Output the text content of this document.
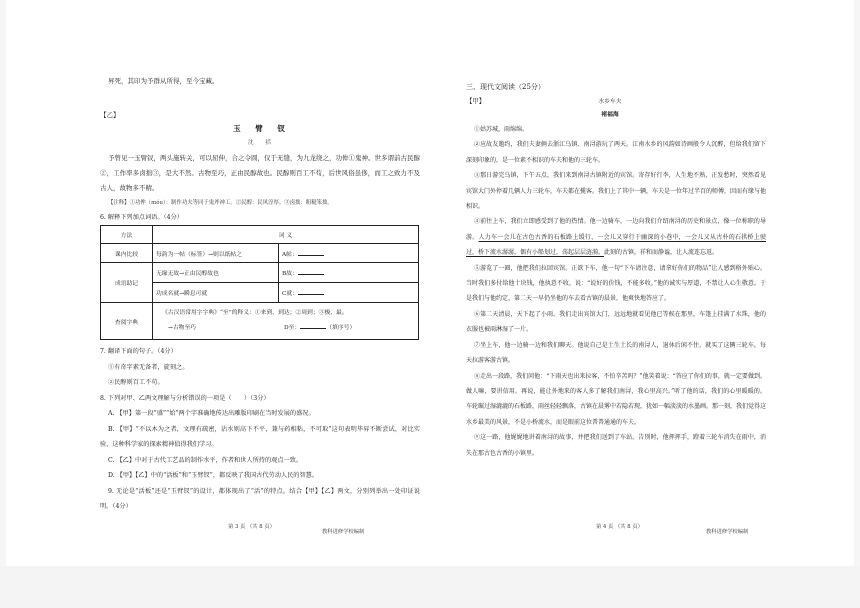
昇死，其印为予群从所得，至今宝藏。
【乙】
玉 臂 钗
沈 括
予曾见一玉臂钗，两头施转关，可以屈伸，合之令圆，仅于无缝，为九龙绕之，功侔①鬼神。世多谓前古民醇②，工作率多卤拙③，是大不然。古物至巧，正由民醇故也。民醇则百工不苟，后世风俗虽侈，而工之致力不及古人，故物多不精。
【注释】①功侔（móu）：制作功夫等同于鬼斧神工。②民醇：民风淳厚。③卤拙：粗糙笨拙。
6. 解释下列加点词语。（4分）
方法	词 义	
课内比较	每韵为一帖（标签）→则以纸帖之	A帖：
成语助记	无缘无故→正由民醇故也	B故：
	功成名就→瞬息可就	C就：
查阅字典	《古汉语常用字字典》“至”的释义：①来到，到达；②周到；③极，最。
→古物至巧 D至： （填序号）	

7. 翻译下面的句子。（4分）

①有奇字素无备者，旋刻之。

②民醇则百工不苟。

8. 下列对甲、乙两文理解与分析错误的一项是（　　）（3分）

A. 【甲】第一段“盛”“始”两个字准确地传达出雕版印刷在当时发展的盛况。

B. 【甲】“不以木为之者，文理有疏密，沾水则高下不平，兼与药相粘，不可取”这句表明毕昇不断尝试，对比实验，这种科学家的探索精神值得我们学习。

C. 【乙】中对于古代工艺品的制作水平，作者和世人所持的观点一致。

D. 【甲】【乙】中的“活板”和“玉臂钗”，都反映了我国古代劳动人民的智慧。

9. 无论是“活板”还是“玉臂钗”的设计，都体现出了“活”的特点。结合【甲】【乙】两文，分别列举出一处印证说明。（4分）

第 3 页 （共 8 页）
教科进修学校编制
三、现代文阅读（25分）
【甲】	水乡车夫
褚福海

①姑苏城，雨绵绵。

②应故友邀约，我们夫妻俩去浙江乌镇、南浔游玩了两天。江南水乡的风韵如诗画般令人沉醉，但给我们留下深刻印象的，是一位素不相识的车夫和他的三轮车。

③那日游完乌镇，下午五点，我们来到南浔古镇附近的宾馆。寄存好行李，人生地不熟，正发愁时，突然看见宾馆大门外停着几辆人力三轮车，车夫都在揽客。我们上了其中一辆，车夫是一位年过半百的师傅，因而有缘与他相识。

④前往上车，我们立即感受到了他的热情。他一边骑车，一边向我们介绍南浔的历史和景点，像一位称职的导游。人力车一会儿在古色古香的石板路上缓行，一会儿又穿行于幽深的小巷中，一会儿又从古朴的石拱桥上驶过，桥下流水潺潺，偶有小船划过，荡起层层涟漪。此刻的古镇，祥和而静谧，让人流连忘返。

⑤游览了一圈，他把我们拉回宾馆。正欲下车，他一句“下车请注意，请拿好你们的物品”让人感到格外贴心。当时我们多付给他十块钱，他执意不收，说：“说好的价钱，不能多收。”他的诚实与厚道，不禁让人心生敬意。于是我们与他约定，第二天一早仍坐他的车去看古镇的晨景，他爽快地答应了。

⑥第二天清晨，天下起了小雨。我们走出宾馆大门，远远地就看见他已等候在那里，车篷上挂满了水珠，他的衣服也被雨淋湿了一片。

⑦坐上车，他一边骑一边和我们聊天。他说自己是土生土长的南浔人，退休后闲不住，就买了这辆三轮车，每天拉游客游古镇。

⑧走出一段路，我们问他：“下雨天也出来拉客，不怕辛苦吗？”他笑着说：“答应了你们的事，就一定要做到。做人嘛，要讲信用。再说，能让外地来的客人多了解我们南浔，我心里高兴。”听了他的话，我们的心里暖暖的。车轮碾过湿漉漉的石板路，雨丝轻轻飘落，古镇在晨雾中若隐若现，犹如一幅淡淡的水墨画。那一刻，我们觉得这水乡最美的风景，不是小桥流水，而是眼前这位普普通通的车夫。

⑨这一路，他娓娓地讲着南浔的故事，并把我们送到了车站。告别时，他挥挥手，蹬着三轮车消失在雨中，消失在那古色古香的小镇里。

第 4 页 （共 8 页）
教科进修学校编制
